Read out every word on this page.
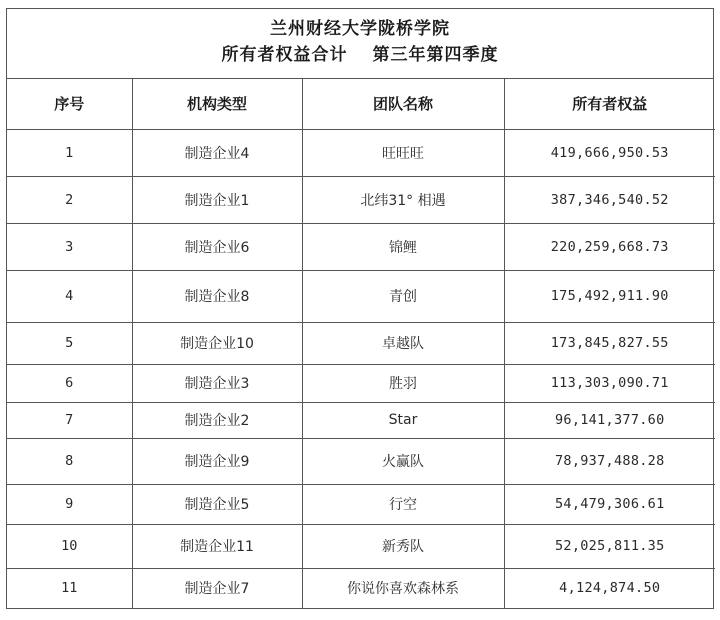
兰州财经大学陇桥学院
所有者权益合计　 第三年第四季度
序号	机构类型	团队名称	所有者权益
1	制造企业4	旺旺旺	419,666,950.53
2	制造企业1	北纬31° 相遇	387,346,540.52
3	制造企业6	锦鲤	220,259,668.73
4	制造企业8	青创	175,492,911.90
5	制造企业10	卓越队	173,845,827.55
6	制造企业3	胜羽	113,303,090.71
7	制造企业2	Star	96,141,377.60
8	制造企业9	火赢队	78,937,488.28
9	制造企业5	行空	54,479,306.61
10	制造企业11	新秀队	52,025,811.35
11	制造企业7	你说你喜欢森林系	4,124,874.50
